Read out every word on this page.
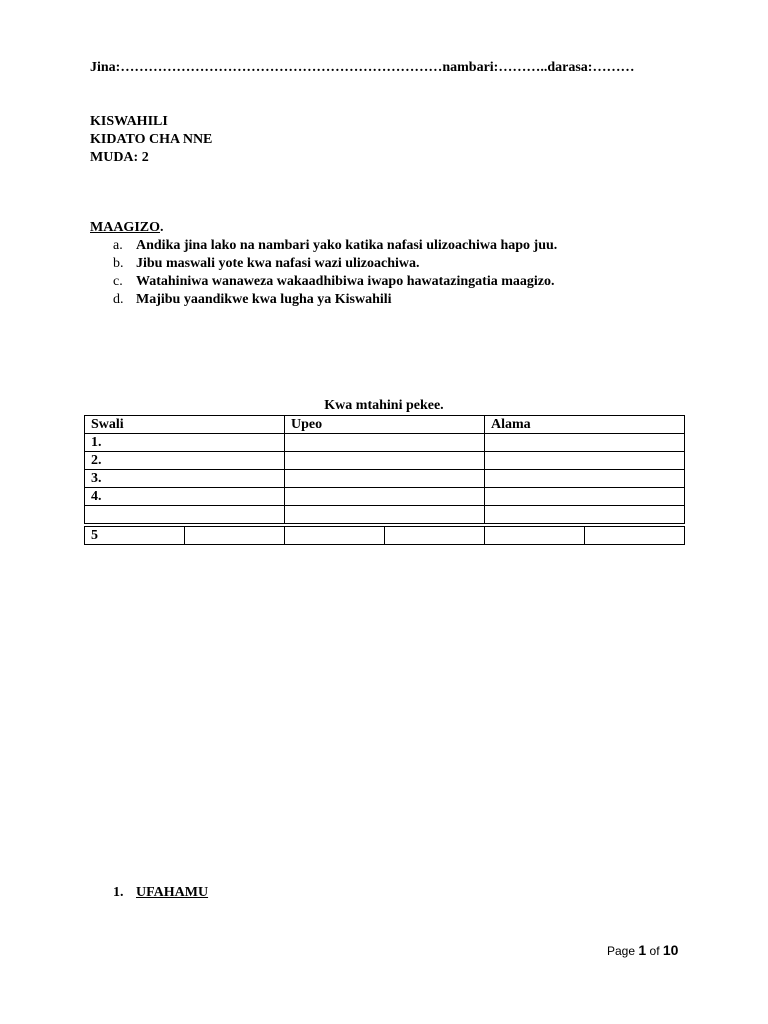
Jina:……………………………………………………………nambari:………..darasa:………
KISWAHILI
KIDATO CHA NNE
MUDA: 2
MAAGIZO.
a. Andika jina lako na nambari yako katika nafasi ulizoachiwa hapo juu.
b. Jibu maswali yote kwa nafasi wazi ulizoachiwa.
c. Watahiniwa wanaweza wakaadhibiwa iwapo hawatazingatia maagizo.
d. Majibu yaandikwe kwa lugha ya Kiswahili
Kwa mtahini pekee.
Swali	Upeo	Alama
1.		
2.		
3.		
4.		

5					
1. UFAHAMU
Page 1 of 10
